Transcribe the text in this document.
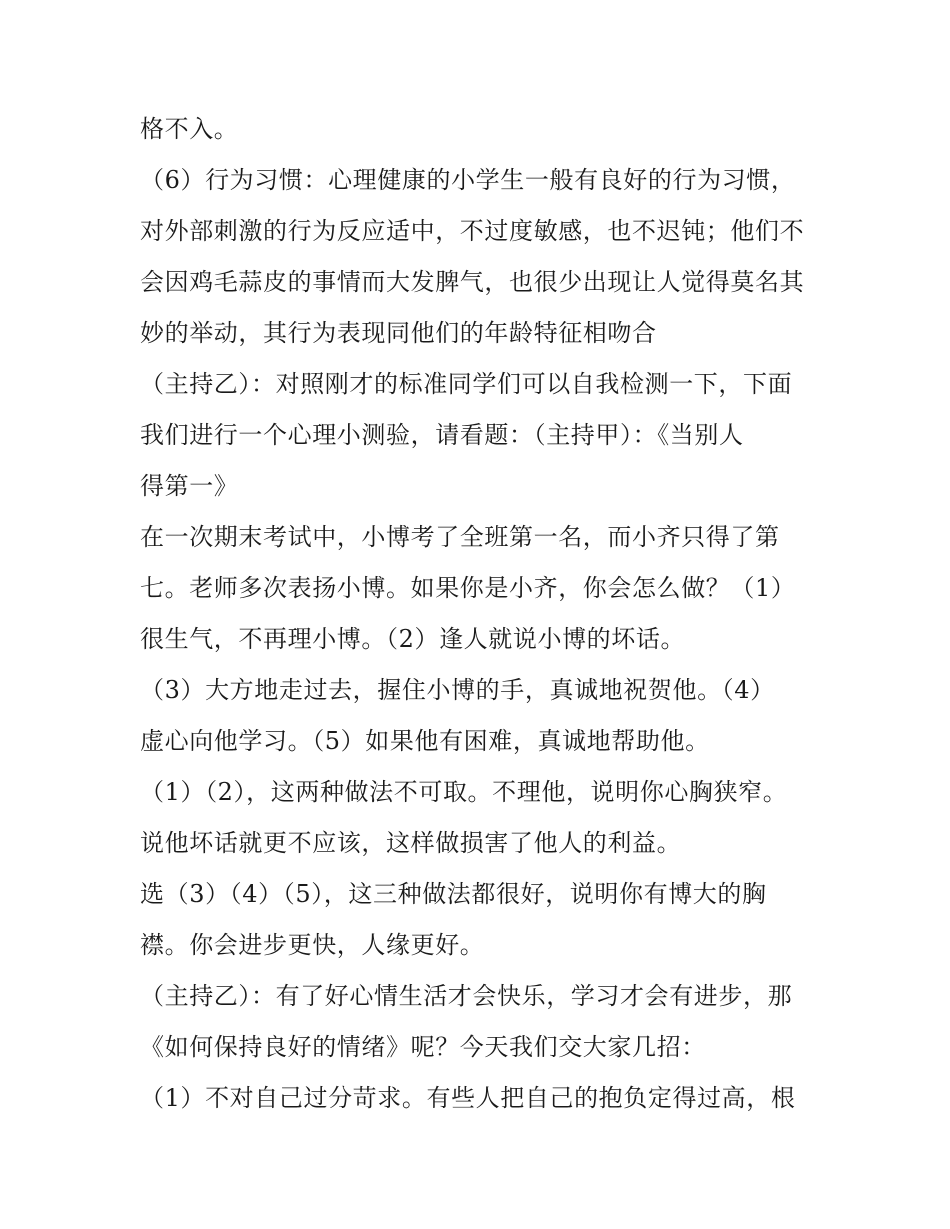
格不入。
（6）行为习惯：心理健康的小学生一般有良好的行为习惯，
对外部刺激的行为反应适中，不过度敏感，也不迟钝；他们不
会因鸡毛蒜皮的事情而大发脾气，也很少出现让人觉得莫名其
妙的举动，其行为表现同他们的年龄特征相吻合
（主持乙）：对照刚才的标准同学们可以自我检测一下，下面
我们进行一个心理小测验，请看题：（主持甲）：《当别人
得第一》
在一次期末考试中，小博考了全班第一名，而小齐只得了第
七。老师多次表扬小博。如果你是小齐，你会怎么做？（1）
很生气，不再理小博。（2）逢人就说小博的坏话。
（3）大方地走过去，握住小博的手，真诚地祝贺他。（4）
虚心向他学习。（5）如果他有困难，真诚地帮助他。
（1）（2），这两种做法不可取。不理他，说明你心胸狭窄。
说他坏话就更不应该，这样做损害了他人的利益。
选（3）（4）（5），这三种做法都很好，说明你有博大的胸
襟。你会进步更快，人缘更好。
（主持乙）：有了好心情生活才会快乐，学习才会有进步，那
《如何保持良好的情绪》呢？今天我们交大家几招：
（1）不对自己过分苛求。有些人把自己的抱负定得过高，根
